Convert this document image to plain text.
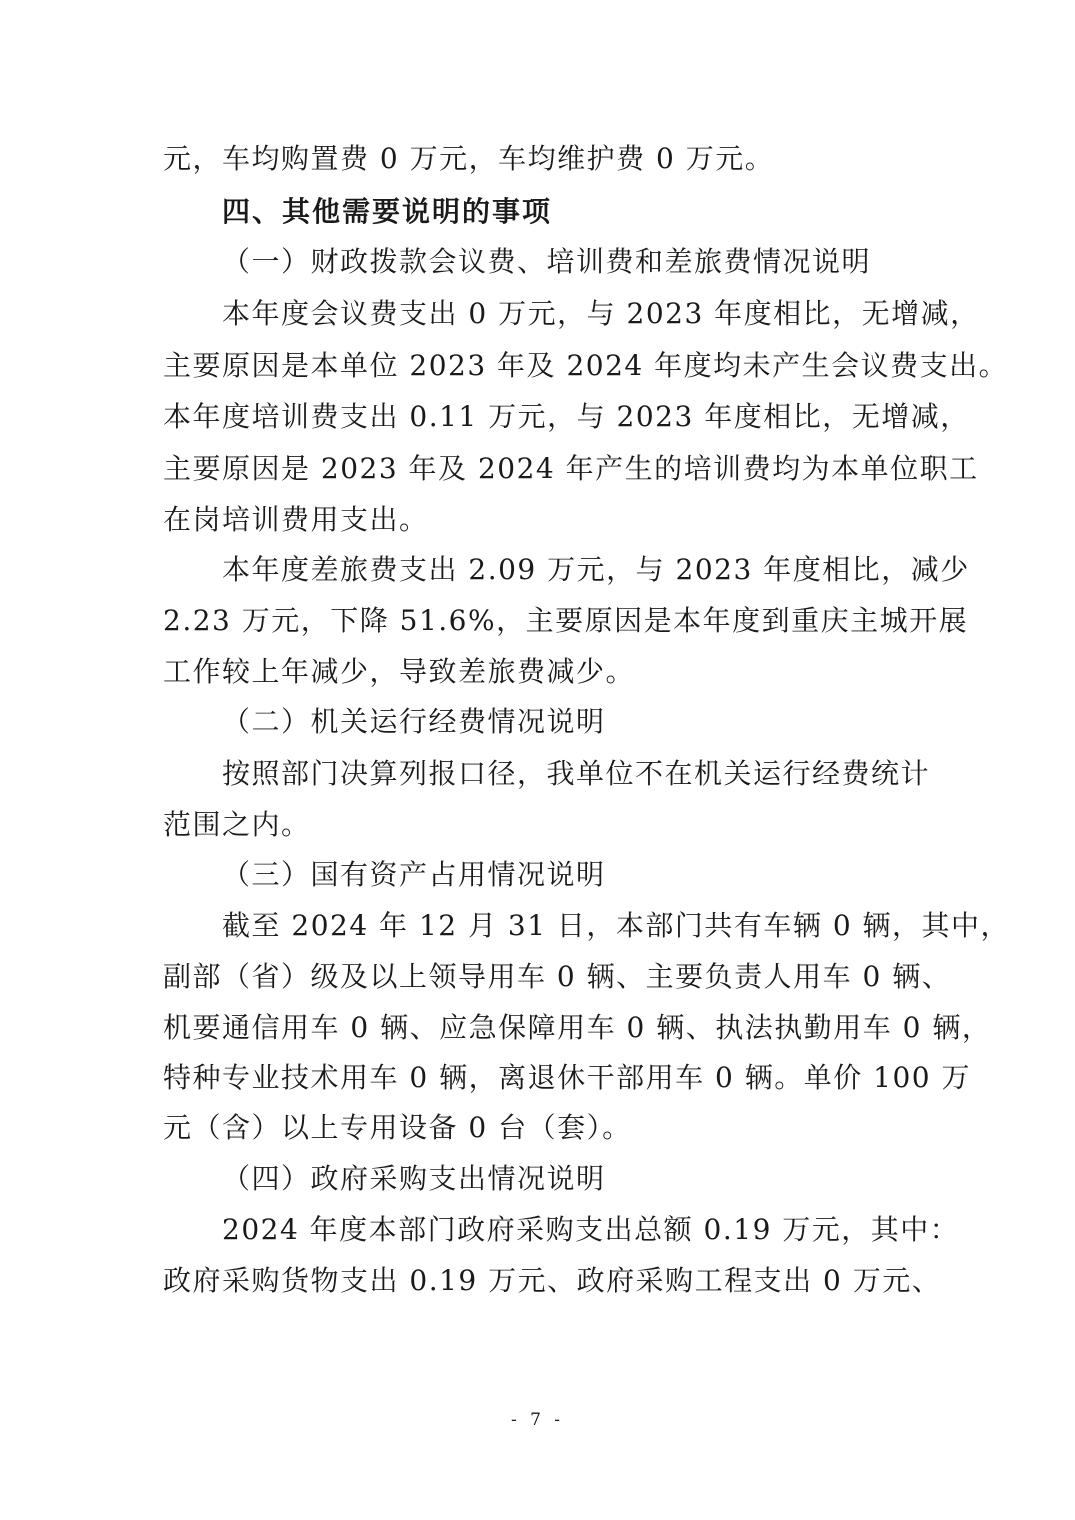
元，车均购置费 0 万元，车均维护费 0 万元。
四、其他需要说明的事项
（一）财政拨款会议费、培训费和差旅费情况说明
本年度会议费支出 0 万元，与 2023 年度相比，无增减，
主要原因是本单位 2023 年及 2024 年度均未产生会议费支出。
本年度培训费支出 0.11 万元，与 2023 年度相比，无增减，
主要原因是 2023 年及 2024 年产生的培训费均为本单位职工
在岗培训费用支出。
本年度差旅费支出 2.09 万元，与 2023 年度相比，减少
2.23 万元，下降 51.6%，主要原因是本年度到重庆主城开展
工作较上年减少，导致差旅费减少。
（二）机关运行经费情况说明
按照部门决算列报口径，我单位不在机关运行经费统计
范围之内。
（三）国有资产占用情况说明
截至 2024 年 12 月 31 日，本部门共有车辆 0 辆，其中，
副部（省）级及以上领导用车 0 辆、主要负责人用车 0 辆、
机要通信用车 0 辆、应急保障用车 0 辆、执法执勤用车 0 辆，
特种专业技术用车 0 辆，离退休干部用车 0 辆。单价 100 万
元（含）以上专用设备 0 台（套）。
（四）政府采购支出情况说明
2024 年度本部门政府采购支出总额 0.19 万元，其中：
政府采购货物支出 0.19 万元、政府采购工程支出 0 万元、
- 7 -
